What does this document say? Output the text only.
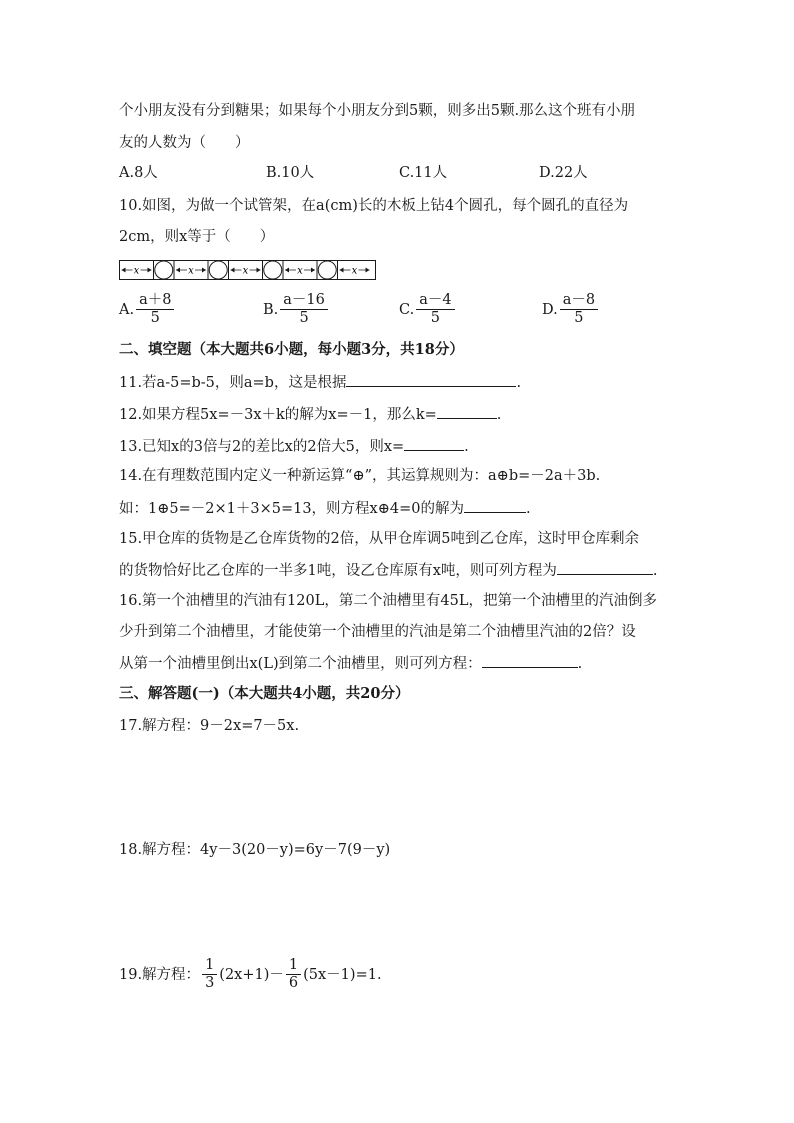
个小朋友没有分到糖果；如果每个小朋友分到5颗，则多出5颗.那么这个班有小朋
友的人数为（　　）
A.8人	B.10人	C.11人	D.22人
10.如图，为做一个试管架，在a(cm)长的木板上钻4个圆孔，每个圆孔的直径为
2cm，则x等于（　　）
x	x	x	x	x
A. $\frac{a+8}{5}$	B. $\frac{a-16}{5}$	C. $\frac{a-4}{5}$	D. $\frac{a-8}{5}$
二、填空题（本大题共6小题，每小题3分，共18分）
11.若a-5=b-5，则a=b，这是根据	.
12.如果方程5x=－3x＋k的解为x=－1，那么k=	.
13.已知x的3倍与2的差比x的2倍大5，则x=	.
14.在有理数范围内定义一种新运算“⊕”，其运算规则为：a⊕b=－2a＋3b.
如：1⊕5=－2×1＋3×5=13，则方程x⊕4=0的解为	.
15.甲仓库的货物是乙仓库货物的2倍，从甲仓库调5吨到乙仓库，这时甲仓库剩余
的货物恰好比乙仓库的一半多1吨，设乙仓库原有x吨，则可列方程为	.
16.第一个油槽里的汽油有120L，第二个油槽里有45L，把第一个油槽里的汽油倒多
少升到第二个油槽里，才能使第一个油槽里的汽油是第二个油槽里汽油的2倍？设
从第一个油槽里倒出x(L)到第二个油槽里，则可列方程：	.
三、解答题(一)（本大题共4小题，共20分）
17.解方程：9－2x=7－5x.
18.解方程：4y－3(20－y)=6y－7(9－y)
19.解方程： $\frac{1}{3} (2x+1)- \frac{1}{6} (5x-1)=1$.
